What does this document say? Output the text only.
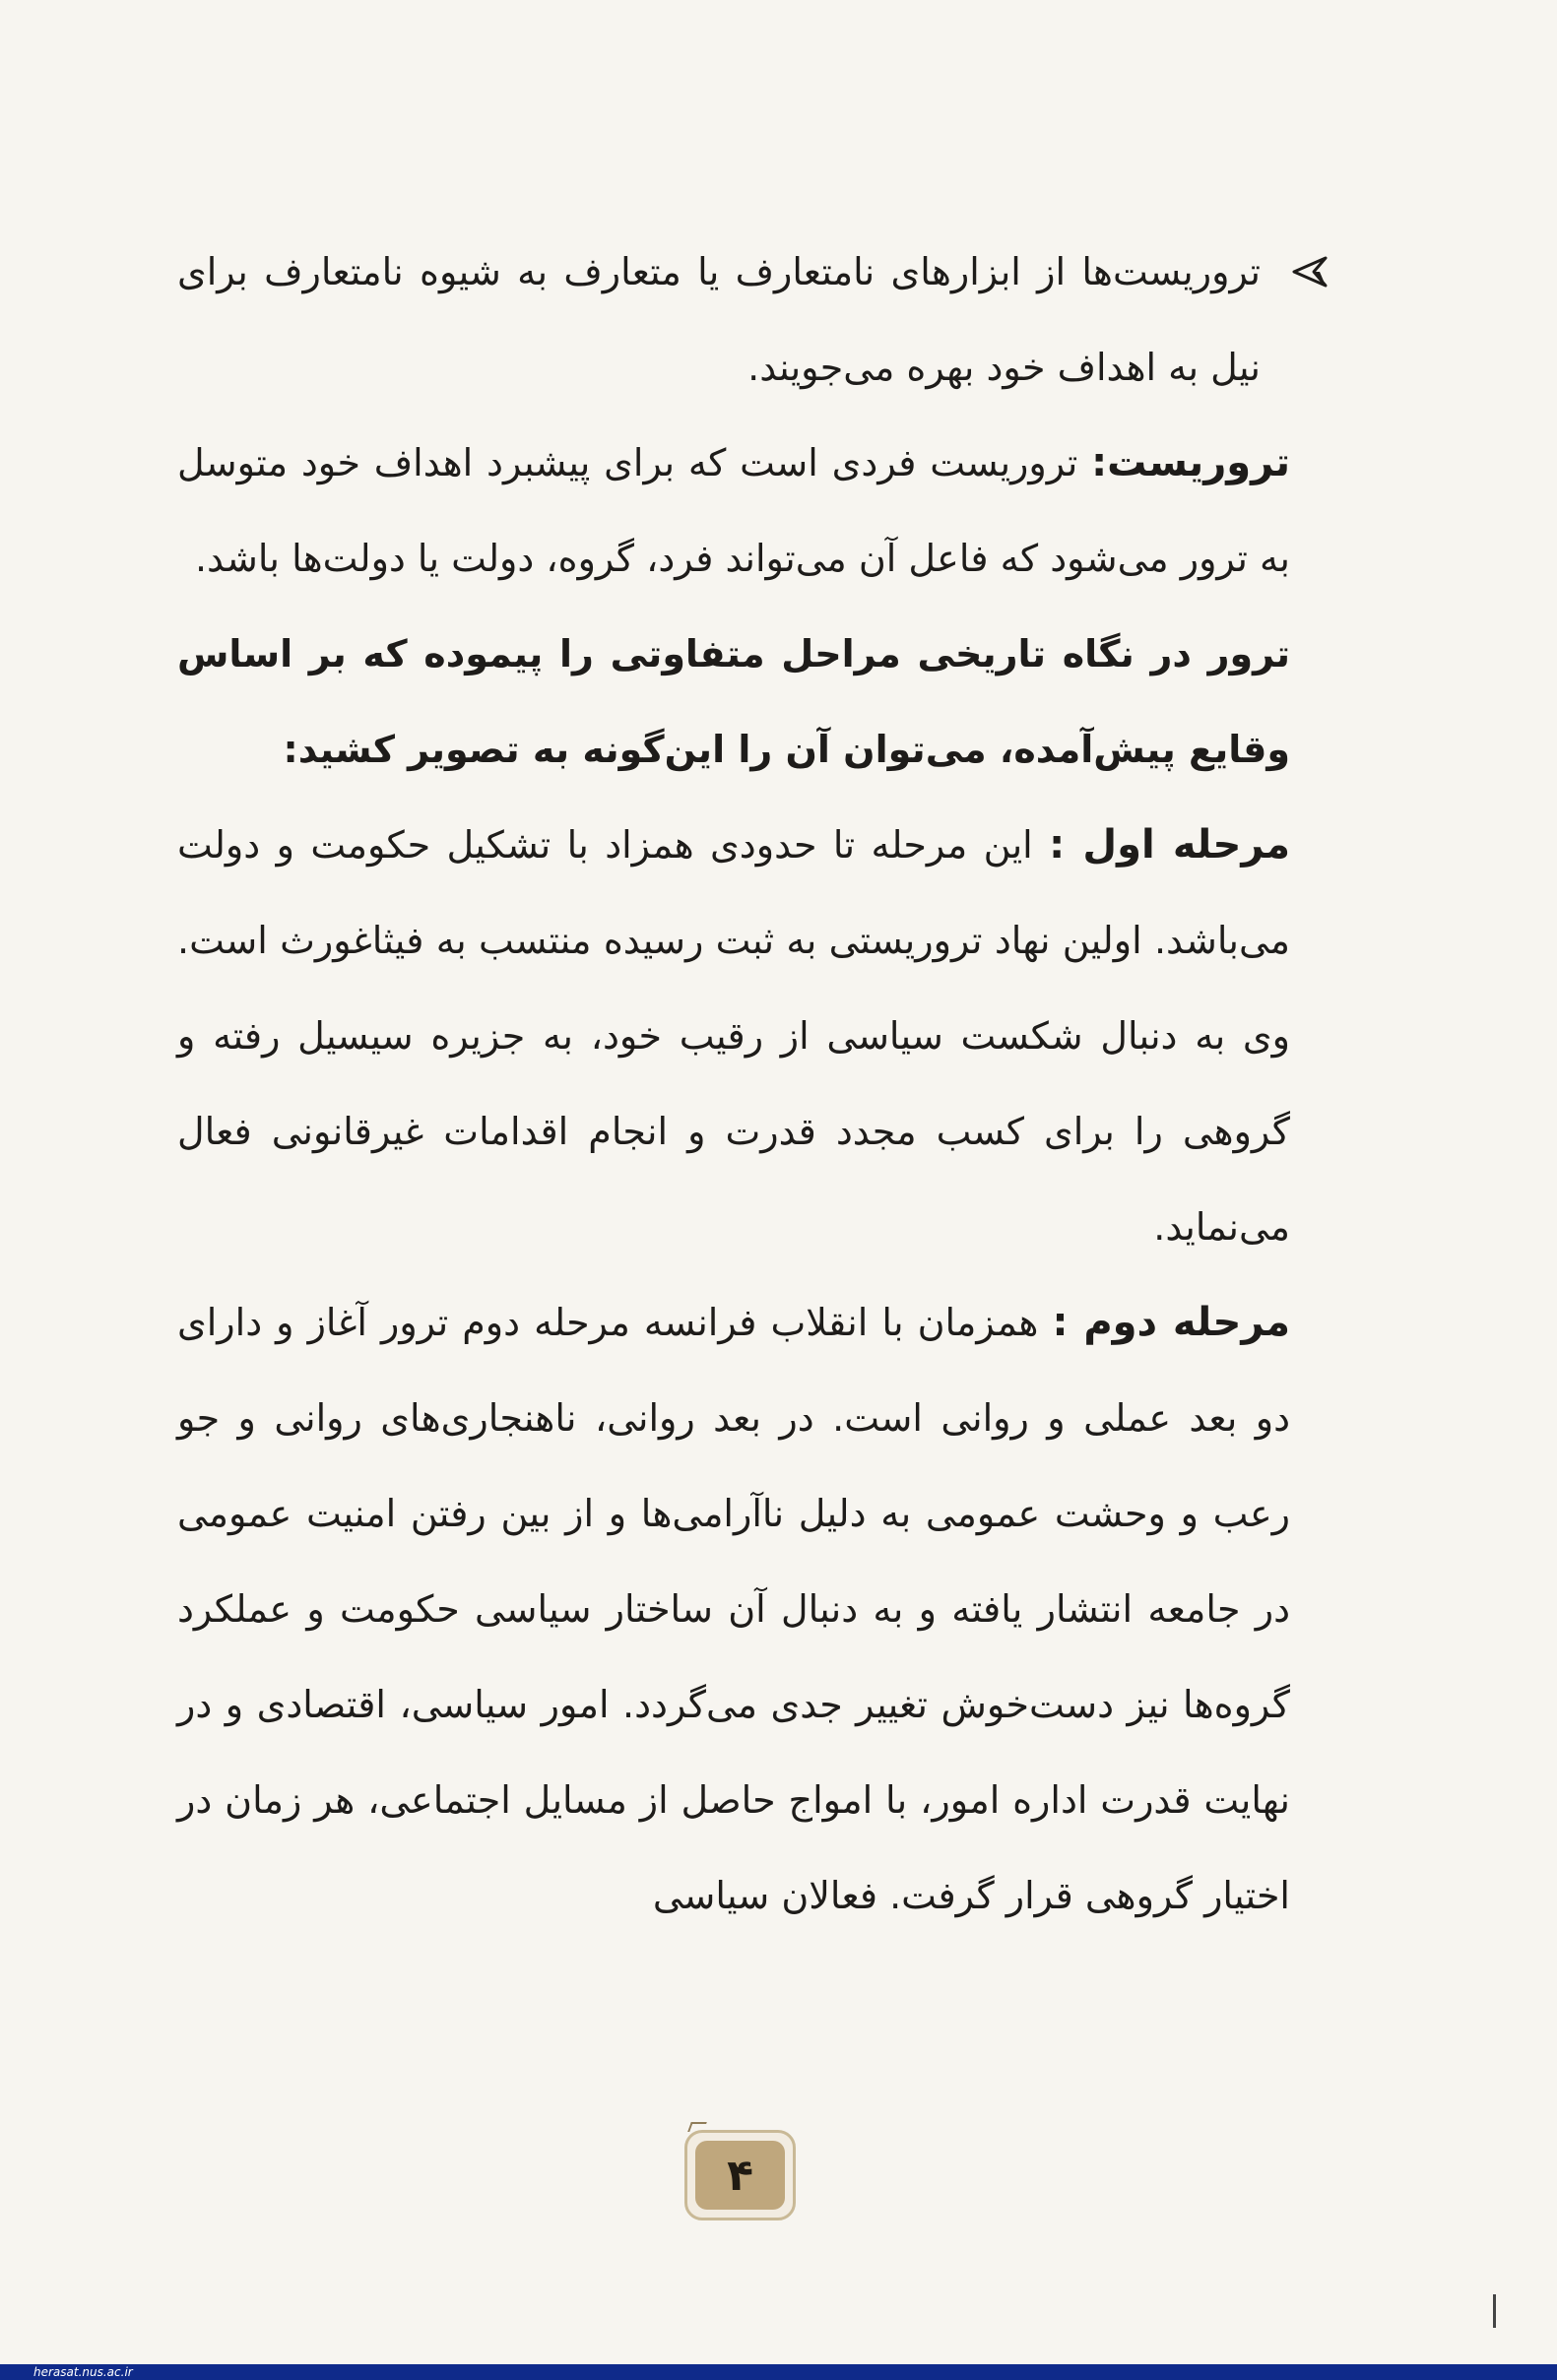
تروریست‌ها از ابزارهای نامتعارف یا متعارف به شیوه نامتعارف برای نیل به اهداف خود بهره می‌جویند.

تروریست: تروریست فردی است که برای پیشبرد اهداف خود متوسل به ترور می‌شود که فاعل آن می‌تواند فرد، گروه، دولت یا دولت‌ها باشد.

ترور در نگاه تاریخی مراحل متفاوتی را پیموده که بر اساس وقایع پیش‌آمده، می‌توان آن را این‌گونه به تصویر کشید:

مرحله اول : این مرحله تا حدودی همزاد با تشکیل حکومت و دولت می‌باشد. اولین نهاد تروریستی به ثبت رسیده منتسب به فیثاغورث است. وی به دنبال شکست سیاسی از رقیب خود، به جزیره سیسیل رفته و گروهی را برای کسب مجدد قدرت و انجام اقدامات غیرقانونی فعال می‌نماید.

مرحله دوم : همزمان با انقلاب فرانسه مرحله دوم ترور آغاز و دارای دو بعد عملی و روانی است. در بعد روانی، ناهنجاری‌های روانی و جو رعب و وحشت عمومی به دلیل ناآرامی‌ها و از بین رفتن امنیت عمومی در جامعه انتشار یافته و به دنبال آن ساختار سیاسی حکومت و عملکرد گروه‌ها نیز دست‌خوش تغییر جدی می‌گردد. امور سیاسی، اقتصادی و در نهایت قدرت اداره امور، با امواج حاصل از مسایل اجتماعی، هر زمان در اختیار گروهی قرار گرفت. فعالان سیاسی

۴
herasat.nus.ac.ir
